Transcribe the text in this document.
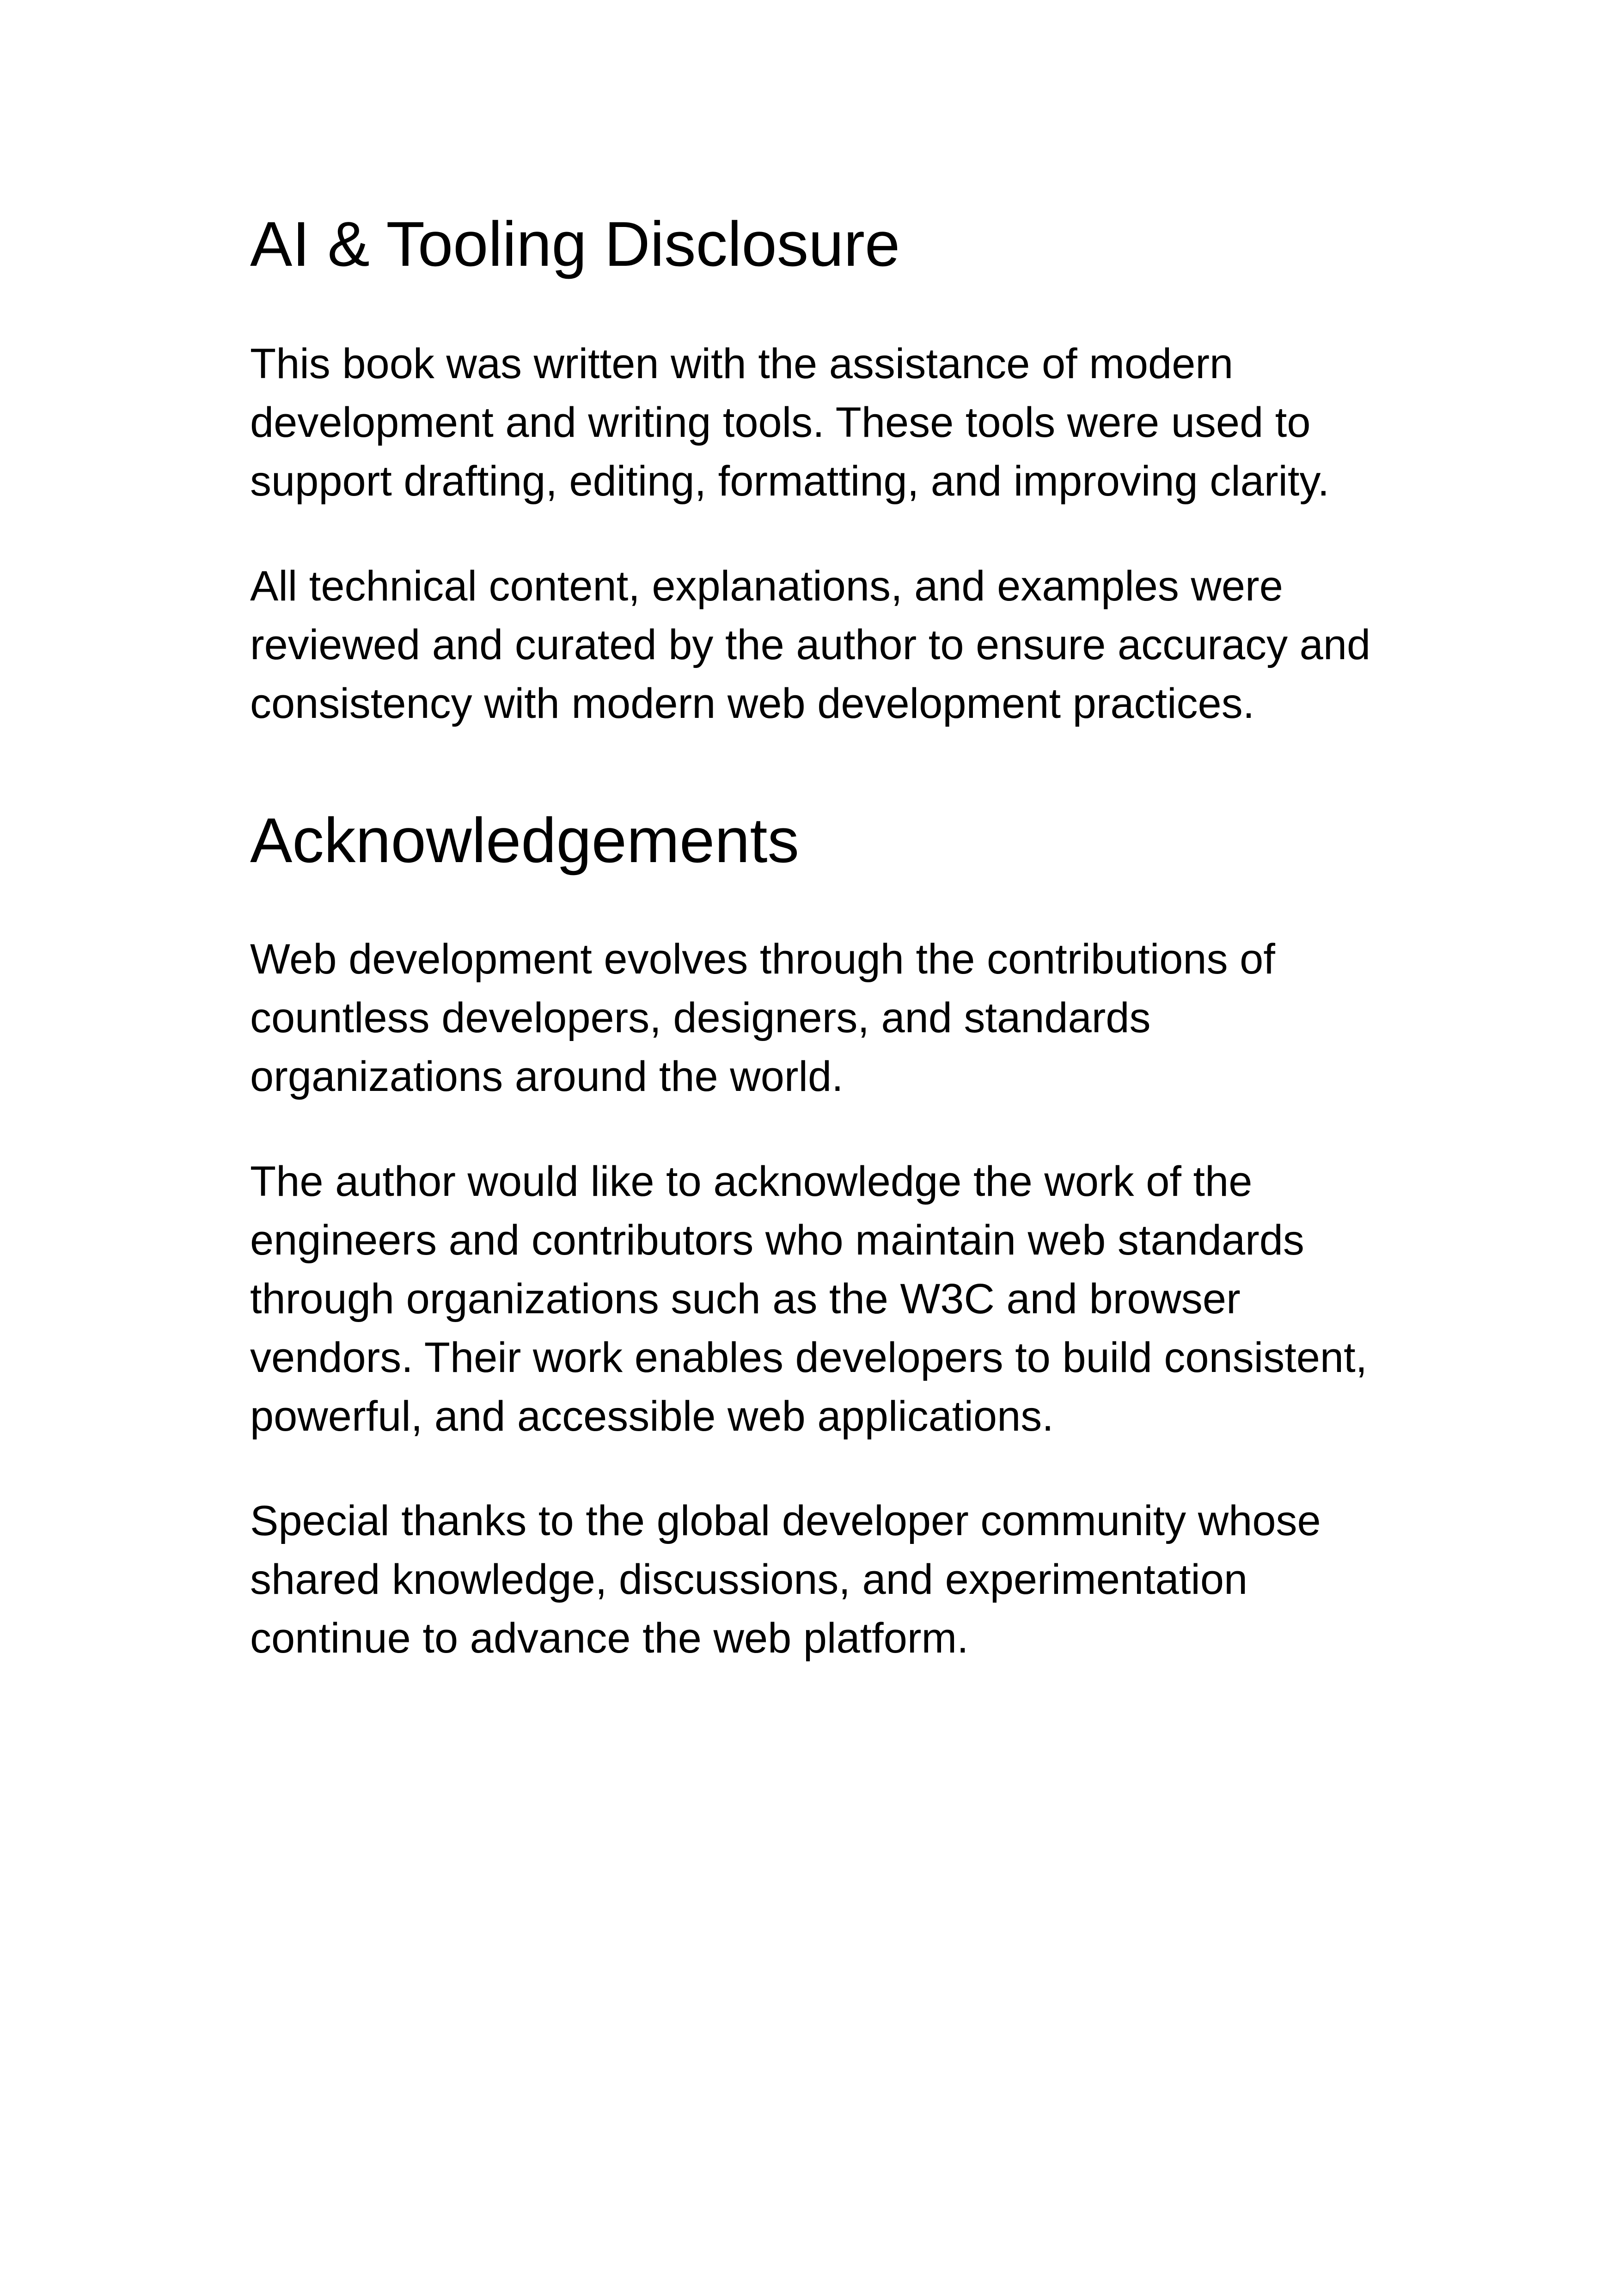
AI & Tooling Disclosure

This book was written with the assistance of modern
development and writing tools. These tools were used to
support drafting, editing, formatting, and improving clarity.

All technical content, explanations, and examples were
reviewed and curated by the author to ensure accuracy and
consistency with modern web development practices.

Acknowledgements

Web development evolves through the contributions of
countless developers, designers, and standards
organizations around the world.

The author would like to acknowledge the work of the
engineers and contributors who maintain web standards
through organizations such as the W3C and browser
vendors. Their work enables developers to build consistent,
powerful, and accessible web applications.

Special thanks to the global developer community whose
shared knowledge, discussions, and experimentation
continue to advance the web platform.
